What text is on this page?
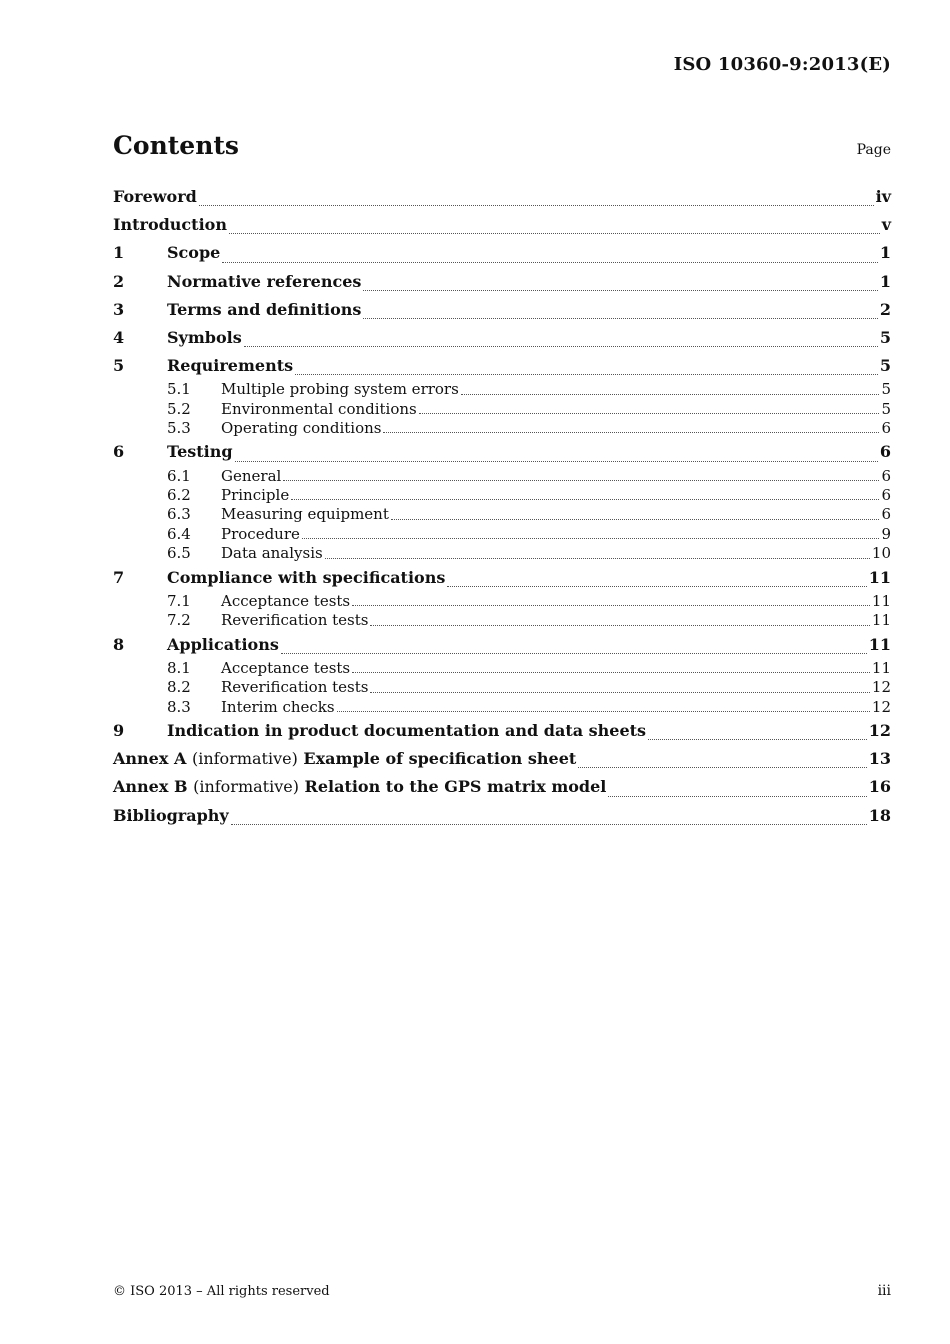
ISO 10360-9:2013(E)
Contents	Page
Foreword	iv
Introduction	v
1	Scope	1
2	Normative references	1
3	Terms and definitions	2
4	Symbols	5
5	Requirements	5
5.1	Multiple probing system errors	5
5.2	Environmental conditions	5
5.3	Operating conditions	6
6	Testing	6
6.1	General	6
6.2	Principle	6
6.3	Measuring equipment	6
6.4	Procedure	9
6.5	Data analysis	10
7	Compliance with specifications	11
7.1	Acceptance tests	11
7.2	Reverification tests	11
8	Applications	11
8.1	Acceptance tests	11
8.2	Reverification tests	12
8.3	Interim checks	12
9	Indication in product documentation and data sheets	12
Annex A (informative) Example of specification sheet	13
Annex B (informative) Relation to the GPS matrix model	16
Bibliography	18
© ISO 2013 – All rights reserved	iii
